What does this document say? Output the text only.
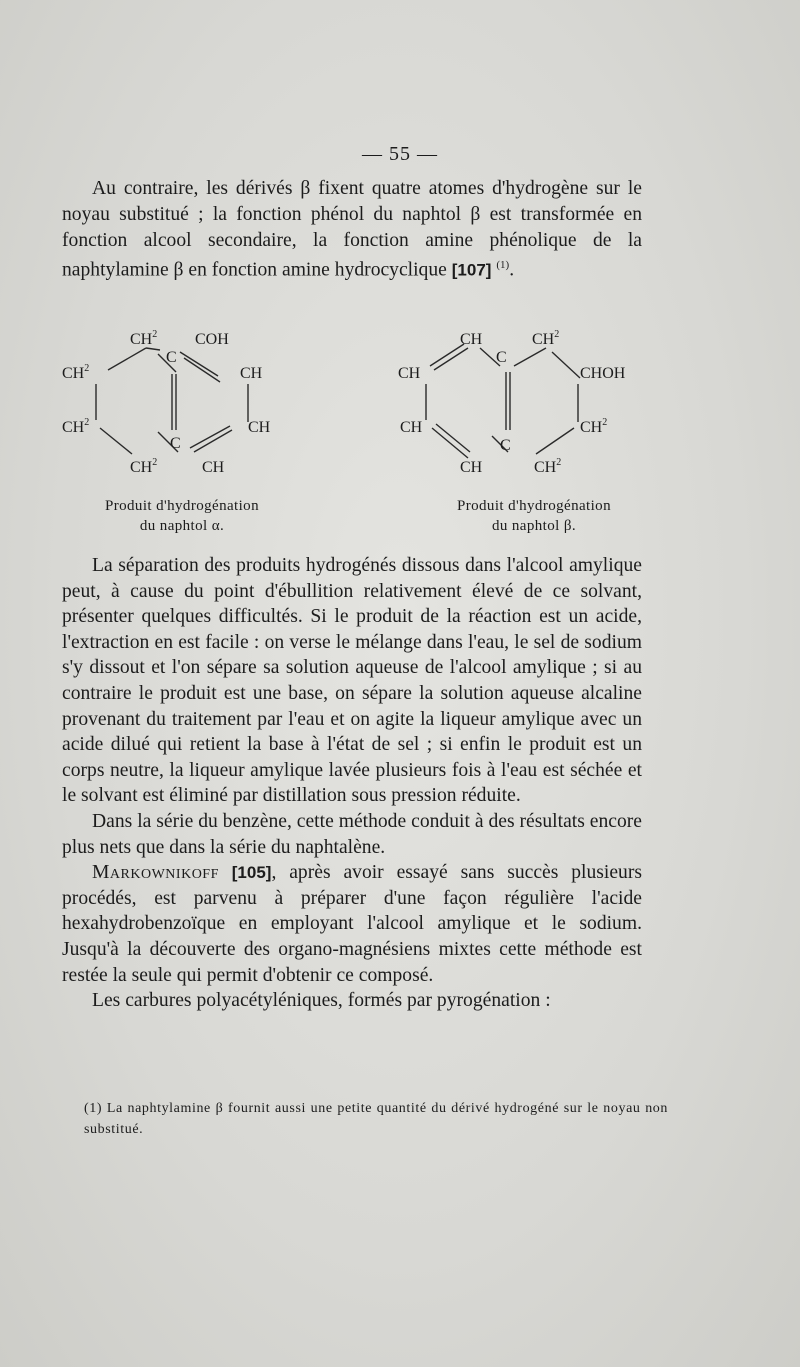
— 55 —

Au contraire, les dérivés β fixent quatre atomes d'hydrogène sur le noyau substitué ; la fonction phénol du naphtol β est transformée en fonction alcool secondaire, la fonction amine phénolique de la naphtylamine β en fonction amine hydrocyclique [107] $^{(1)}$.

$CH^2$ COH
C
$CH^2$	CH
$CH^2$	CH
C
$CH^2$	CH
Produit d'hydrogénation
du naphtol α.
CH	$CH^2$
C
CH	CHOH
CH	$CH^2$
C
CH	$CH^2$
Produit d'hydrogénation
du naphtol β.

La séparation des produits hydrogénés dissous dans l'alcool amylique peut, à cause du point d'ébullition relativement élevé de ce solvant, présenter quelques difficultés. Si le produit de la réaction est un acide, l'extraction en est facile : on verse le mélange dans l'eau, le sel de sodium s'y dissout et l'on sépare sa solution aqueuse de l'alcool amylique ; si au contraire le produit est une base, on sépare la solution aqueuse alcaline provenant du traitement par l'eau et on agite la liqueur amylique avec un acide dilué qui retient la base à l'état de sel ; si enfin le produit est un corps neutre, la liqueur amylique lavée plusieurs fois à l'eau est séchée et le solvant est éliminé par distillation sous pression réduite.

Dans la série du benzène, cette méthode conduit à des résultats encore plus nets que dans la série du naphtalène.

Markownikoff [105], après avoir essayé sans succès plusieurs procédés, est parvenu à préparer d'une façon régulière l'acide hexahydrobenzoïque en employant l'alcool amylique et le sodium. Jusqu'à la découverte des organo-magnésiens mixtes cette méthode est restée la seule qui permit d'obtenir ce composé.

Les carbures polyacétyléniques, formés par pyrogénation :

(1) La naphtylamine β fournit aussi une petite quantité du dérivé hydrogéné sur le noyau non substitué.
